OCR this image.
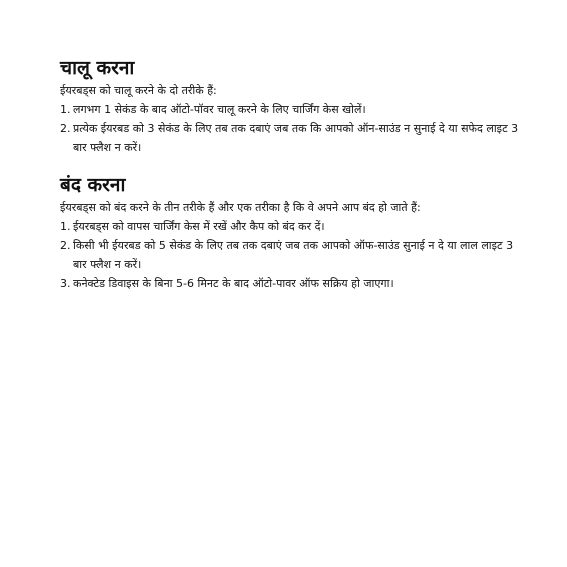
चालू करना

ईयरबड्स को चालू करने के दो तरीके हैं:

1. लगभग 1 सेकंड के बाद ऑटो-पॉवर चालू करने के लिए चार्जिंग केस खोलें।
2. प्रत्येक ईयरबड को 3 सेकंड के लिए तब तक दबाएं जब तक कि आपको ऑन-साउंड न सुनाई दे या सफेद लाइट 3 बार फ्लैश न करें।
बंद करना

ईयरबड्स को बंद करने के तीन तरीके हैं और एक तरीका है कि वे अपने आप बंद हो जाते हैं:

1. ईयरबड्स को वापस चार्जिंग केस में रखें और कैप को बंद कर दें।
2. किसी भी ईयरबड को 5 सेकंड के लिए तब तक दबाएं जब तक आपको ऑफ-साउंड सुनाई न दे या लाल लाइट 3 बार फ्लैश न करें।
3. कनेक्टेड डिवाइस के बिना 5-6 मिनट के बाद ऑटो-पावर ऑफ सक्रिय हो जाएगा।
